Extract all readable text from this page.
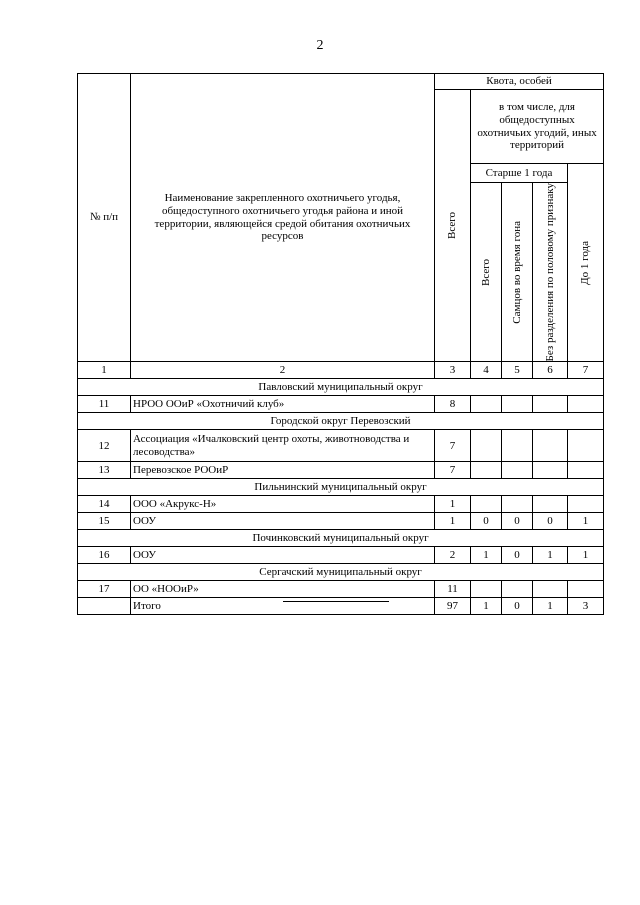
2
№ п/п	Наименование закрепленного охотничьего угодья, общедоступного охотничьего угодья района и иной территории, являющейся средой обитания охотничьих ресурсов	Квота, особей				

		Всего	в том числе, для общедоступных охотничьих угодий, иных территорий			
			Старше 1 года			До 1 года

			Всего	Самцов во время гона	Без разделения по половому признаку	

1	2	3	4	5	6	7
Павловский муниципальный округ						
11	НРОО ООиР «Охотничий клуб»	8				
Городской округ Перевозский						
12	Ассоциация «Ичалковский центр охоты, животноводства и лесоводства»	7				
13	Перевозское РООиР	7				
Пильнинский муниципальный округ						
14	ООО «Акрукс-Н»	1				
15	ООУ	1	0	0	0	1
Починковский муниципальный округ						
16	ООУ	2	1	0	1	1
Сергачский муниципальный округ						
17	ОО «НООиР»	11				
	Итого	97	1	0	1	3
